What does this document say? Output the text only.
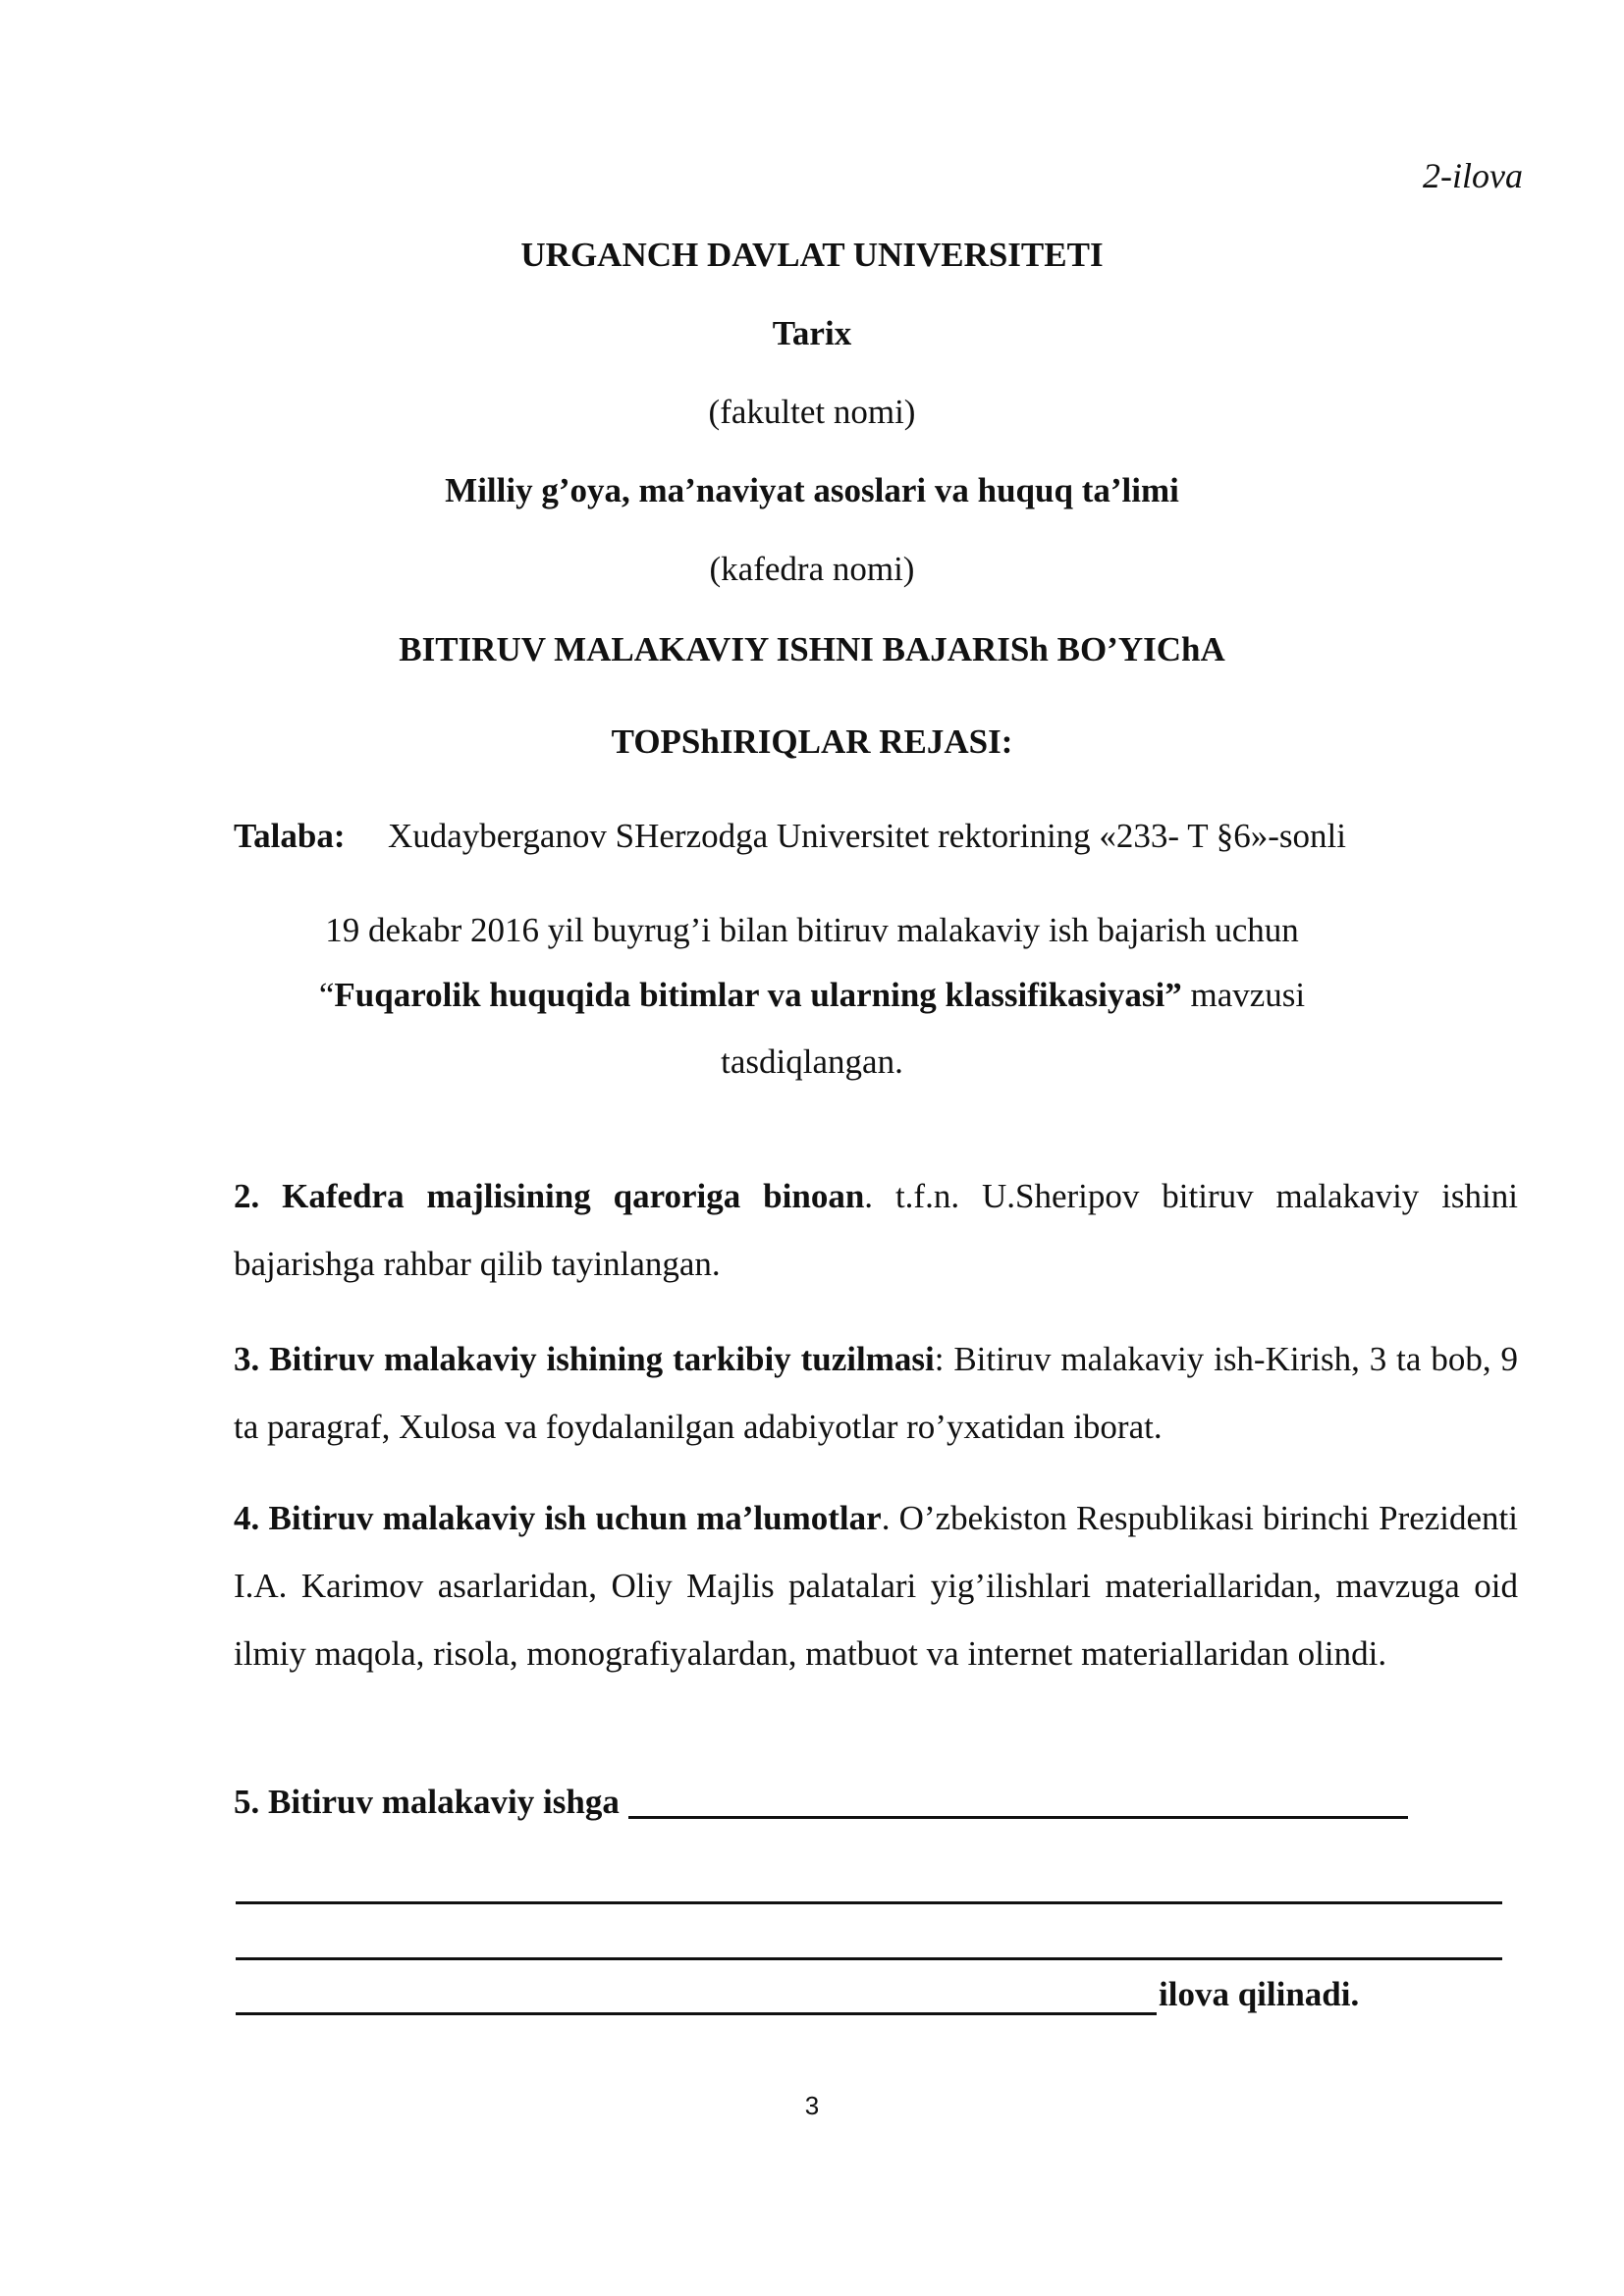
2-ilova
URGANCH DAVLAT UNIVERSITETI
Tarix
(fakultet nomi)
Milliy g’oya, ma’naviyat asoslari va huquq ta’limi
(kafedra nomi)
BITIRUV MALAKAVIY ISHNI BAJARISh BO’YIChA
TOPShIRIQLAR REJASI:
Talaba: Xudayberganov SHerzodga Universitet rektorining «233- T §6»-sonli
19 dekabr 2016 yil buyrug’i bilan bitiruv malakaviy ish bajarish uchun
“Fuqarolik huquqida bitimlar va ularning klassifikasiyasi” mavzusi
tasdiqlangan.
2. Kafedra majlisining qaroriga binoan. t.f.n. U.Sheripov bitiruv malakaviy ishini bajarishga rahbar qilib tayinlangan.
3. Bitiruv malakaviy ishining tarkibiy tuzilmasi: Bitiruv malakaviy ish-Kirish, 3 ta bob, 9 ta paragraf, Xulosa va foydalanilgan adabiyotlar ro’yxatidan iborat.
4. Bitiruv malakaviy ish uchun ma’lumotlar. O’zbekiston Respublikasi birinchi Prezidenti I.A. Karimov asarlaridan, Oliy Majlis palatalari yig’ilishlari materiallaridan, mavzuga oid ilmiy maqola, risola, monografiyalardan, matbuot va internet materiallaridan olindi.
5. Bitiruv malakaviy ishga
ilova qilinadi.
3
